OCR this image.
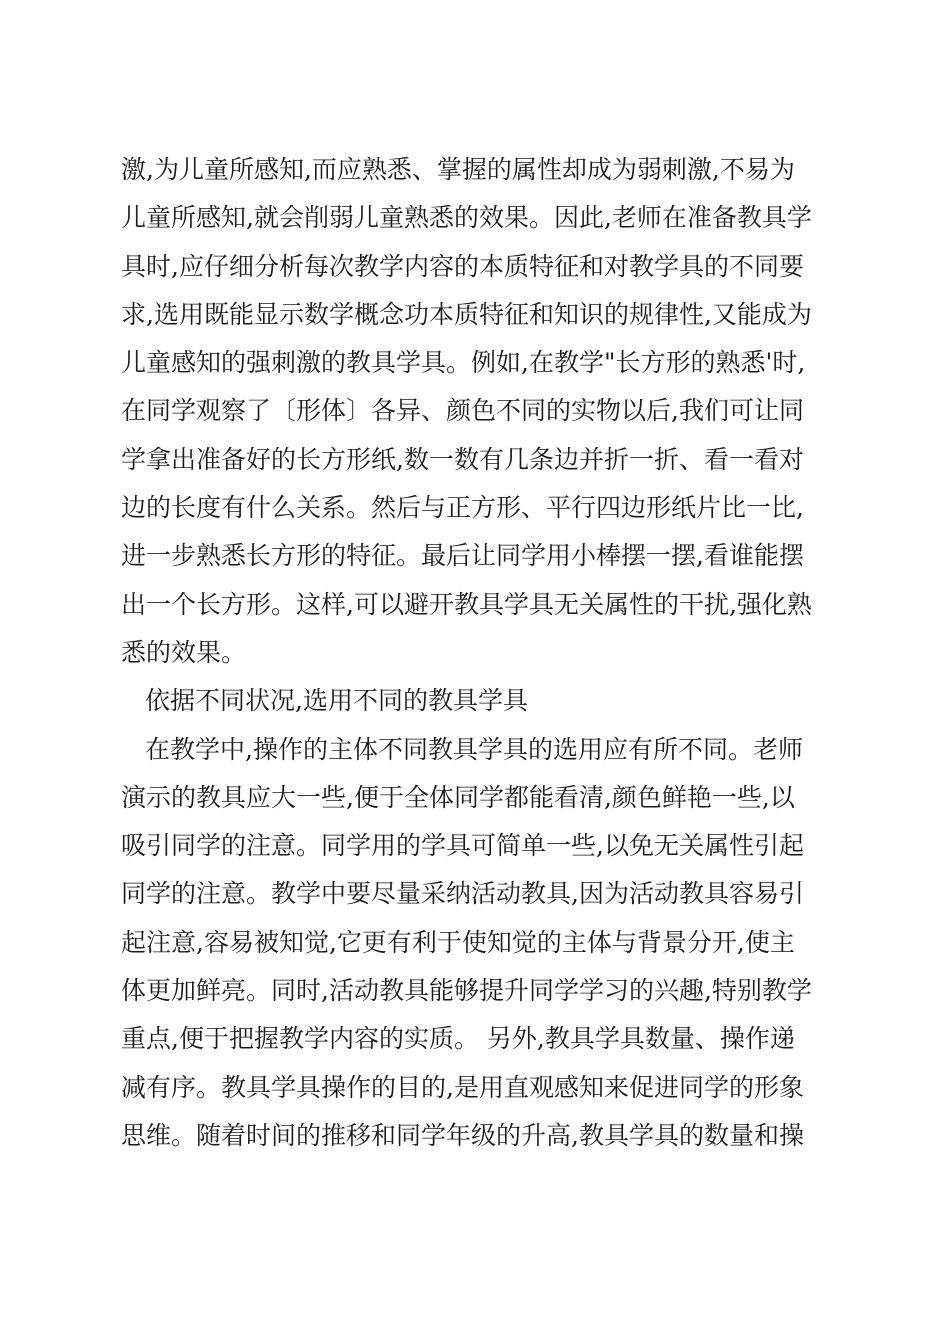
激,为儿童所感知,而应熟悉、掌握的属性却成为弱刺激,不易为
儿童所感知,就会削弱儿童熟悉的效果。因此,老师在准备教具学
具时,应仔细分析每次教学内容的本质特征和对教学具的不同要
求,选用既能显示数学概念功本质特征和知识的规律性,又能成为
儿童感知的强刺激的教具学具。例如,在教学"长方形的熟悉'时,
在同学观察了〔形体〕各异、颜色不同的实物以后,我们可让同
学拿出准备好的长方形纸,数一数有几条边并折一折、看一看对
边的长度有什么关系。然后与正方形、平行四边形纸片比一比,
进一步熟悉长方形的特征。最后让同学用小棒摆一摆,看谁能摆
出一个长方形。这样,可以避开教具学具无关属性的干扰,强化熟
悉的效果。
依据不同状况,选用不同的教具学具
在教学中,操作的主体不同教具学具的选用应有所不同。老师
演示的教具应大一些,便于全体同学都能看清,颜色鲜艳一些,以
吸引同学的注意。同学用的学具可简单一些,以免无关属性引起
同学的注意。教学中要尽量采纳活动教具,因为活动教具容易引
起注意,容易被知觉,它更有利于使知觉的主体与背景分开,使主
体更加鲜亮。同时,活动教具能够提升同学学习的兴趣,特别教学
重点,便于把握教学内容的实质。 另外,教具学具数量、操作递
减有序。教具学具操作的目的,是用直观感知来促进同学的形象
思维。随着时间的推移和同学年级的升高,教具学具的数量和操
